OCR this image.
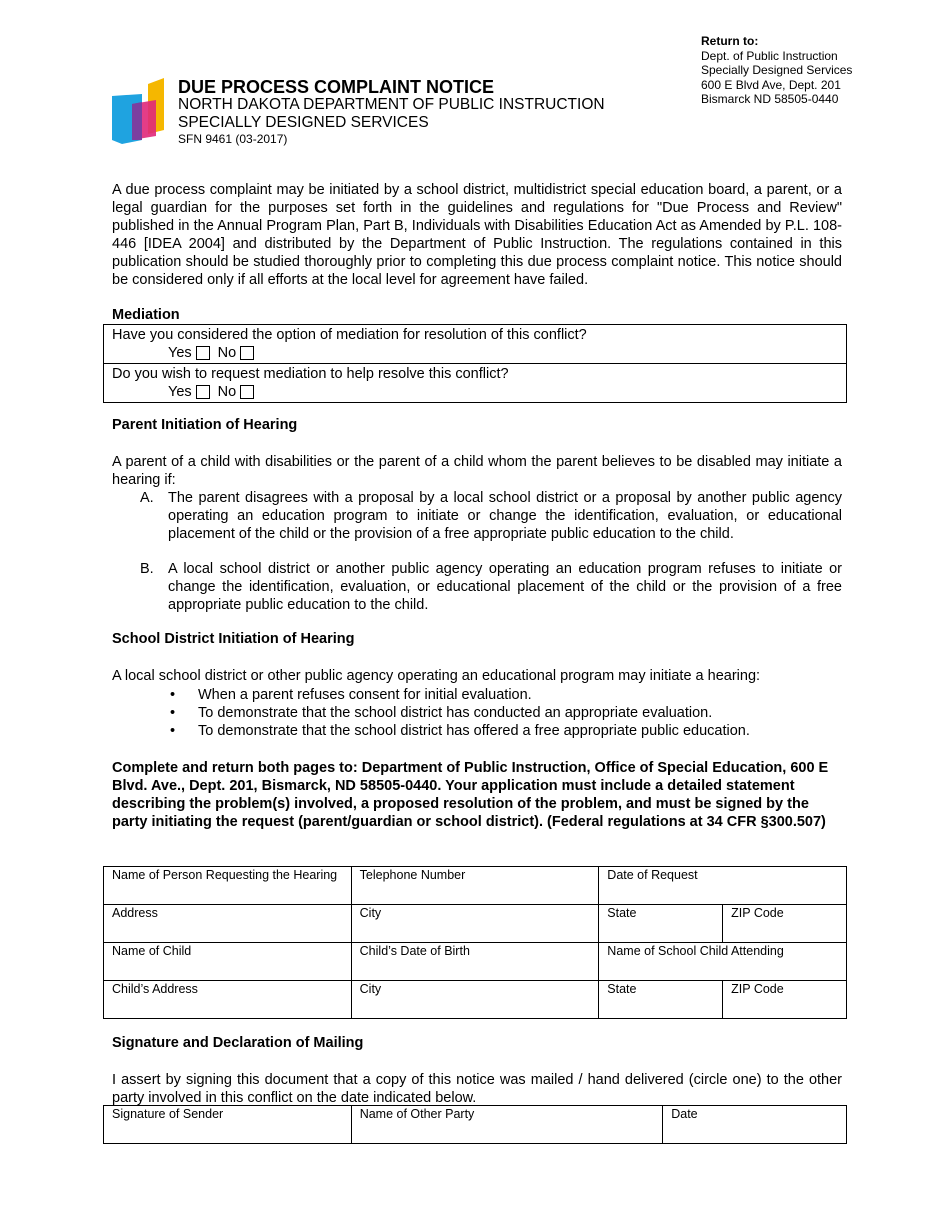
Return to:
Dept. of Public Instruction
Specially Designed Services
600 E Blvd Ave, Dept. 201
Bismarck ND 58505-0440
DUE PROCESS COMPLAINT NOTICE
NORTH DAKOTA DEPARTMENT OF PUBLIC INSTRUCTION
SPECIALLY DESIGNED SERVICES
SFN 9461 (03-2017)
A due process complaint may be initiated by a school district, multidistrict special education board, a parent, or a legal guardian for the purposes set forth in the guidelines and regulations for "Due Process and Review" published in the Annual Program Plan, Part B, Individuals with Disabilities Education Act as Amended by P.L. 108-446 [IDEA 2004] and distributed by the Department of Public Instruction. The regulations contained in this publication should be studied thoroughly prior to completing this due process complaint notice. This notice should be considered only if all efforts at the local level for agreement have failed.
Mediation
Have you considered the option of mediation for resolution of this conflict?
Yes No
Do you wish to request mediation to help resolve this conflict?
Yes No
Parent Initiation of Hearing
A parent of a child with disabilities or the parent of a child whom the parent believes to be disabled may initiate a hearing if:
A. The parent disagrees with a proposal by a local school district or a proposal by another public agency operating an education program to initiate or change the identification, evaluation, or educational placement of the child or the provision of a free appropriate public education to the child.
B. A local school district or another public agency operating an education program refuses to initiate or change the identification, evaluation, or educational placement of the child or the provision of a free appropriate public education to the child.
School District Initiation of Hearing
A local school district or other public agency operating an educational program may initiate a hearing:
•	When a parent refuses consent for initial evaluation.
•	To demonstrate that the school district has conducted an appropriate evaluation.
•	To demonstrate that the school district has offered a free appropriate public education.
Complete and return both pages to: Department of Public Instruction, Office of Special Education, 600 E Blvd. Ave., Dept. 201, Bismarck, ND 58505-0440. Your application must include a detailed statement describing the problem(s) involved, a proposed resolution of the problem, and must be signed by the party initiating the request (parent/guardian or school district). (Federal regulations at 34 CFR §300.507)
Name of Person Requesting the Hearing	Telephone Number	Date of Request	
Address	City	State	ZIP Code
Name of Child	Child’s Date of Birth	Name of School Child Attending	
Child’s Address	City	State	ZIP Code
Signature and Declaration of Mailing
I assert by signing this document that a copy of this notice was mailed / hand delivered (circle one) to the other party involved in this conflict on the date indicated below.
Signature of Sender	Name of Other Party	Date
